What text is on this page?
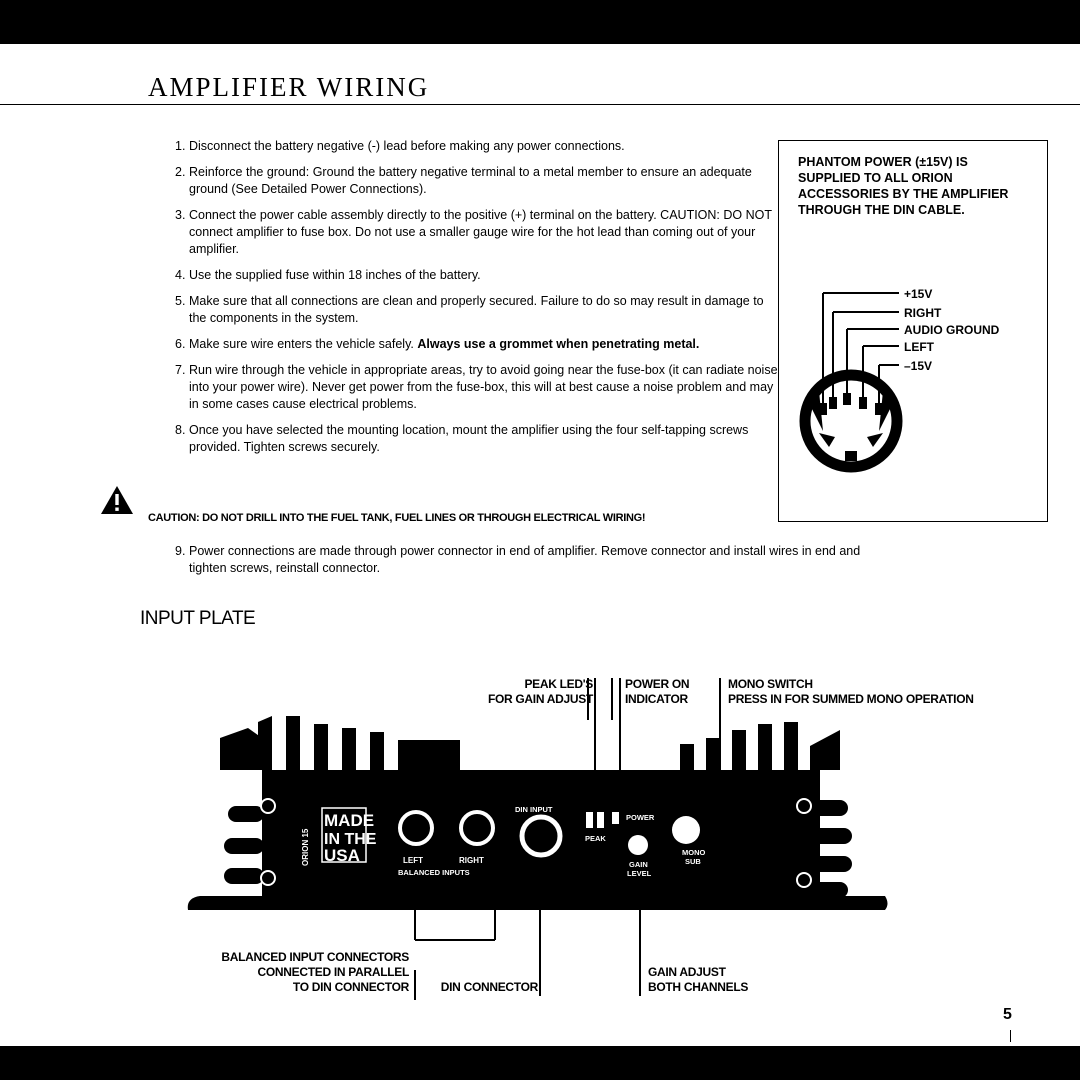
AMPLIFIER WIRING
1. Disconnect the battery negative (-) lead before making any power connections.
2. Reinforce the ground: Ground the battery negative terminal to a metal member to ensure an adequate ground (See Detailed Power Connections).
3. Connect the power cable assembly directly to the positive (+) terminal on the battery. CAUTION: DO NOT connect amplifier to fuse box. Do not use a smaller gauge wire for the hot lead than coming out of your amplifier.
4. Use the supplied fuse within 18 inches of the battery.
5. Make sure that all connections are clean and properly secured. Failure to do so may result in damage to the components in the system.
6. Make sure wire enters the vehicle safely. Always use a grommet when penetrating metal.
7. Run wire through the vehicle in appropriate areas, try to avoid going near the fuse-box (it can radiate noise into your power wire). Never get power from the fuse-box, this will at best cause a noise problem and may in some cases cause electrical problems.
8. Once you have selected the mounting location, mount the amplifier using the four self-tapping screws provided. Tighten screws securely.
CAUTION: DO NOT DRILL INTO THE FUEL TANK, FUEL LINES OR THROUGH ELECTRICAL WIRING!
9. Power connections are made through power connector in end of amplifier. Remove connector and install wires in end and tighten screws, reinstall connector.
PHANTOM POWER (±15V) IS SUPPLIED TO ALL ORION ACCESSORIES BY THE AMPLIFIER THROUGH THE DIN CABLE.
+15V
RIGHT
AUDIO GROUND
LEFT
–15V
INPUT PLATE
PEAK LED'S
FOR GAIN ADJUST
POWER ON
INDICATOR
MONO SWITCH
PRESS IN FOR SUMMED MONO OPERATION
BALANCED INPUT CONNECTORS
CONNECTED IN PARALLEL
TO DIN CONNECTOR	DIN CONNECTOR
GAIN ADJUST
BOTH CHANNELS
ORION 15
MADE
IN THE
USA	LEFT	RIGHT
BALANCED INPUTS
DIN INPUT
POWER
PEAK
GAIN
LEVEL
MONO
SUB
5
